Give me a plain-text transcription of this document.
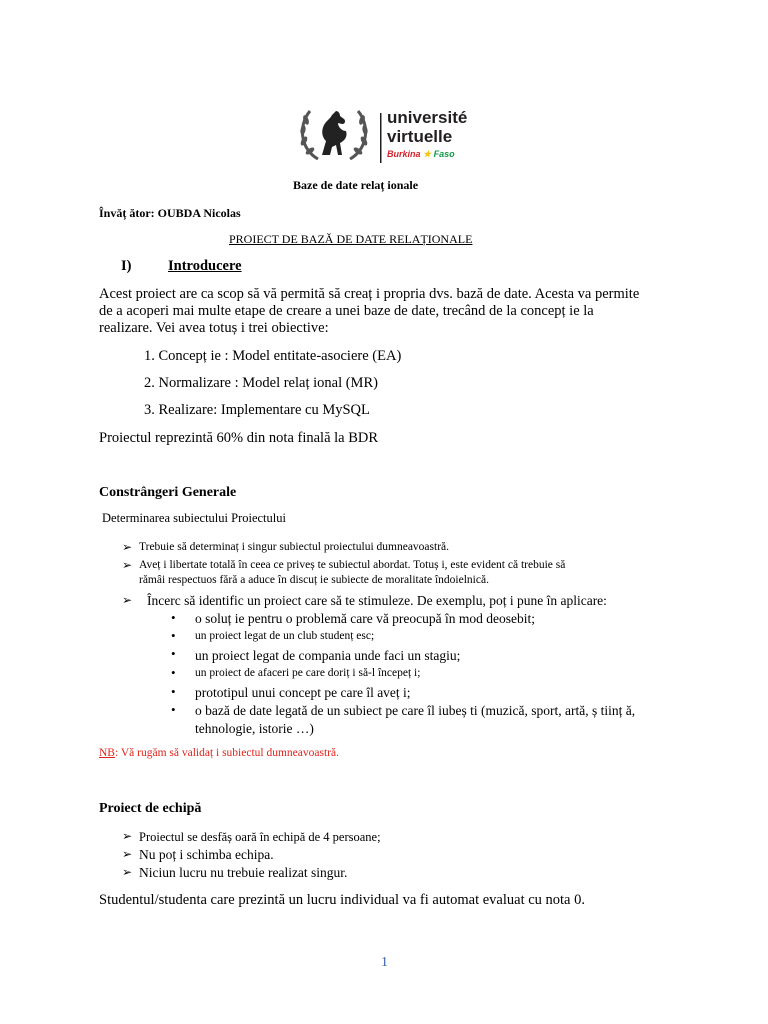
université
virtuelle
Burkina ★ Faso
Baze de date relaț ionale
Învăț ător: OUBDA Nicolas
PROIECT DE BAZĂ DE DATE RELAȚIONALE
I)	Introducere
Acest proiect are ca scop să vă permită să creaț i propria dvs. bază de date. Acesta va permite
de a acoperi mai multe etape de creare a unei baze de date, trecând de la concepț ie la
realizare. Vei avea totuș i trei obiective:
1. Concepț ie : Model entitate-asociere (EA)
2. Normalizare : Model relaț ional (MR)
3. Realizare: Implementare cu MySQL
Proiectul reprezintă 60% din nota finală la BDR
Constrângeri Generale
Determinarea subiectului Proiectului
➢ Trebuie să determinaț i singur subiectul proiectului dumneavoastră.
➢ Aveț i libertate totală în ceea ce priveș te subiectul abordat. Totuș i, este evident că trebuie să
rămâi respectuos fără a aduce în discuț ie subiecte de moralitate îndoielnică.
➢ Încerc să identific un proiect care să te stimuleze. De exemplu, poț i pune în aplicare:
• o soluț ie pentru o problemă care vă preocupă în mod deosebit;
• un proiect legat de un club studenț esc;
• un proiect legat de compania unde faci un stagiu;
• un proiect de afaceri pe care doriț i să-l începeț i;
• prototipul unui concept pe care îl aveț i;
• o bază de date legată de un subiect pe care îl iubeș ti (muzică, sport, artă, ș tiinț ă,
tehnologie, istorie …)
NB: Vă rugăm să validaț i subiectul dumneavoastră.
Proiect de echipă
➢ Proiectul se desfăș oară în echipă de 4 persoane;
➢ Nu poț i schimba echipa.
➢ Niciun lucru nu trebuie realizat singur.
Studentul/studenta care prezintă un lucru individual va fi automat evaluat cu nota 0.
1
